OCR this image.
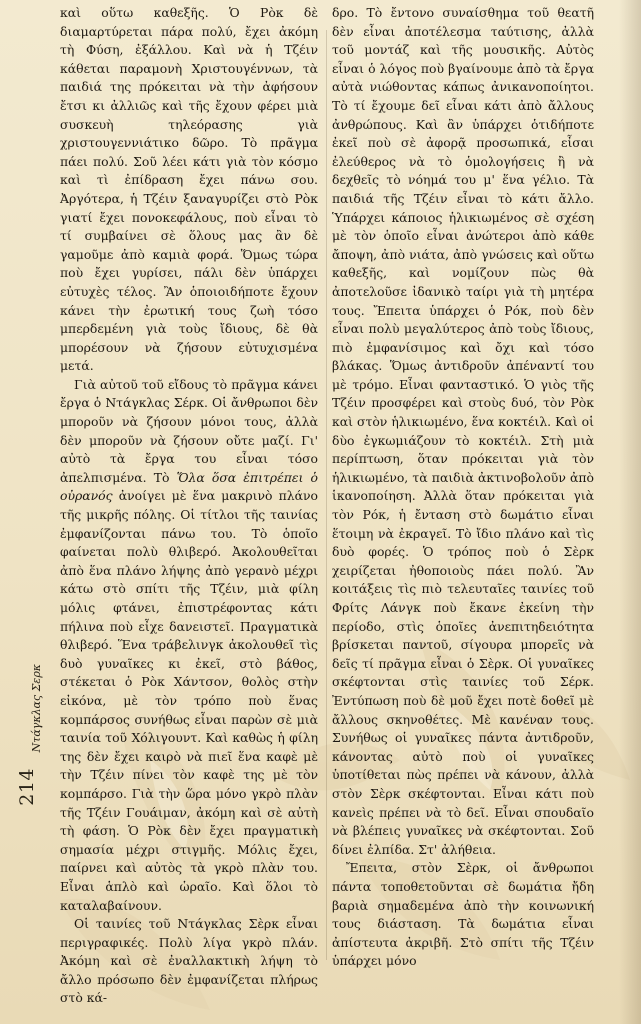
καὶ οὕτω καθεξῆς. Ὁ Ρὸκ δὲ διαμαρτύρεται πάρα πολύ, ἔχει ἀκόμη τὴ Φύση, ἐξάλλου. Καὶ νὰ ἡ Τζέιν κάθεται παραμονὴ Χριστουγέννων, τὰ παιδιά της πρόκειται νὰ τὴν ἀφήσουν ἔτσι κι ἀλλιῶς καὶ τῆς ἔχουν φέρει μιὰ συσκευὴ τηλεόρασης γιὰ χριστουγεννιάτικο δῶρο. Τὸ πρᾶγμα πάει πολύ. Σοῦ λέει κάτι γιὰ τὸν κόσμο καὶ τὶ ἐπίδραση ἔχει πάνω σου. Ἀργότερα, ἡ Τζέιν ξαναγυρίζει στὸ Ρὸκ γιατί ἔχει πονοκεφάλους, ποὺ εἶναι τὸ τί συμβαίνει σὲ ὅλους μας ἂν δὲ γαμοῦμε ἀπὸ καμιὰ φορά. Ὅμως τώρα ποὺ ἔχει γυρίσει, πάλι δὲν ὑπάρχει εὐτυχὲς τέλος. Ἂν ὁποιοιδήποτε ἔχουν κάνει τὴν ἐρωτική τους ζωὴ τόσο μπερδεμένη γιὰ τοὺς ἴδιους, δὲ θὰ μπορέσουν νὰ ζήσουν εὐτυχισμένα μετά.

Γιὰ αὐτοῦ τοῦ εἴδους τὸ πρᾶγμα κάνει ἔργα ὁ Ντάγκλας Σέρκ. Οἱ ἄνθρωποι δὲν μποροῦν νὰ ζήσουν μόνοι τους, ἀλλὰ δὲν μποροῦν νὰ ζήσουν οὔτε μαζί. Γι' αὐτὸ τὰ ἔργα του εἶναι τόσο ἀπελπισμένα. Τὸ Ὅλα ὅσα ἐπιτρέπει ὁ οὐρανός ἀνοίγει μὲ ἕνα μακρινὸ πλάνο τῆς μικρῆς πόλης. Οἱ τίτλοι τῆς ταινίας ἐμφανίζονται πάνω του. Τὸ ὁποῖο φαίνεται πολὺ θλιβερό. Ἀκολουθεῖται ἀπὸ ἕνα πλάνο λήψης ἀπὸ γερανὸ μέχρι κάτω στὸ σπίτι τῆς Τζέιν, μιὰ φίλη μόλις φτάνει, ἐπιστρέφοντας κάτι πήλινα ποὺ εἶχε δανειστεῖ. Πραγματικὰ θλιβερό. Ἕνα τράβελινγκ ἀκολουθεῖ τὶς δυὸ γυναῖκες κι ἐκεῖ, στὸ βάθος, στέκεται ὁ Ρὸκ Χάντσον, θολὸς στὴν εἰκόνα, μὲ τὸν τρόπο ποὺ ἕνας κομπάρσος συνήθως εἶναι παρὼν σὲ μιὰ ταινία τοῦ Χόλιγουντ. Καὶ καθὼς ἡ φίλη της δὲν ἔχει καιρὸ νὰ πιεῖ ἕνα καφὲ μὲ τὴν Τζέιν πίνει τὸν καφὲ της μὲ τὸν κομπάρσο. Γιὰ τὴν ὥρα μόνο γκρὸ πλὰν τῆς Τζέιν Γουάιμαν, ἀκόμη καὶ σὲ αὐτὴ τὴ φάση. Ὁ Ρὸκ δὲν ἔχει πραγματικὴ σημασία μέχρι στιγμῆς. Μόλις ἔχει, παίρνει καὶ αὐτὸς τὰ γκρὸ πλὰν του. Εἶναι ἁπλὸ καὶ ὡραῖο. Καὶ ὅλοι τὸ καταλαβαίνουν.

Οἱ ταινίες τοῦ Ντάγκλας Σὲρκ εἶναι περιγραφικές. Πολὺ λίγα γκρὸ πλάν. Ἀκόμη καὶ σὲ ἐναλλακτικὴ λήψη τὸ ἄλλο πρόσωπο δὲν ἐμφανίζεται πλήρως στὸ κά-

δρο. Τὸ ἔντονο συναίσθημα τοῦ θεατῆ δὲν εἶναι ἀποτέλεσμα ταύτισης, ἀλλὰ τοῦ μοντάζ καὶ τῆς μουσικῆς. Αὐτὸς εἶναι ὁ λόγος ποὺ βγαίνουμε ἀπὸ τὰ ἔργα αὐτὰ νιώθοντας κάπως ἀνικανοποίητοι. Τὸ τί ἔχουμε δεῖ εἶναι κάτι ἀπὸ ἄλλους ἀνθρώπους. Καὶ ἂν ὑπάρχει ὁτιδήποτε ἐκεῖ ποὺ σὲ ἀφορᾷ προσωπικά, εἶσαι ἐλεύθερος νὰ τὸ ὁμολογήσεις ἢ νὰ δεχθεῖς τὸ νόημά του μ' ἕνα γέλιο. Τὰ παιδιά τῆς Τζέιν εἶναι τὸ κάτι ἄλλο. Ὑπάρχει κάποιος ἡλικιωμένος σὲ σχέση μὲ τὸν ὁποῖο εἶναι ἀνώτεροι ἀπὸ κάθε ἄποψη, ἀπὸ νιάτα, ἀπὸ γνώσεις καὶ οὕτω καθεξῆς, καὶ νομίζουν πὼς θὰ ἀποτελοῦσε ἰδανικὸ ταίρι γιὰ τὴ μητέρα τους. Ἔπειτα ὑπάρχει ὁ Ρόκ, ποὺ δὲν εἶναι πολὺ μεγαλύτερος ἀπὸ τοὺς ἴδιους, πιὸ ἐμφανίσιμος καὶ ὄχι καὶ τόσο βλάκας. Ὅμως ἀντιδροῦν ἀπέναντί του μὲ τρόμο. Εἶναι φανταστικό. Ὁ γιὸς τῆς Τζέιν προσφέρει καὶ στοὺς δυό, τὸν Ρὸκ καὶ στὸν ἡλικιωμένο, ἕνα κοκτέιλ. Καὶ οἱ δὺο ἐγκωμιάζουν τὸ κοκτέιλ. Στὴ μιὰ περίπτωση, ὅταν πρόκειται γιὰ τὸν ἡλικιωμένο, τὰ παιδιὰ ἀκτινοβολοῦν ἀπὸ ἱκανοποίηση. Ἀλλὰ ὅταν πρόκειται γιὰ τὸν Ρόκ, ἡ ἔνταση στὸ δωμάτιο εἶναι ἕτοιμη νὰ ἐκραγεῖ. Τὸ ἴδιο πλάνο καὶ τὶς δυὸ φορές. Ὁ τρόπος ποὺ ὁ Σὲρκ χειρίζεται ἠθοποιοὺς πάει πολύ. Ἂν κοιτάξεις τὶς πιὸ τελευταῖες ταινίες τοῦ Φρίτς Λάνγκ ποὺ ἔκανε ἐκείνη τὴν περίοδο, στὶς ὁποῖες ἀνεπιτηδειότητα βρίσκεται παντοῦ, σίγουρα μπορεῖς νὰ δεῖς τί πρᾶγμα εἶναι ὁ Σὲρκ. Οἱ γυναῖκες σκέφτονται στὶς ταινίες τοῦ Σέρκ. Ἐντύπωση ποὺ δὲ μοῦ ἔχει ποτὲ δοθεῖ μὲ ἄλλους σκηνοθέτες. Μὲ κανέναν τους. Συνήθως οἱ γυναῖκες πάντα ἀντιδροῦν, κάνοντας αὐτὸ ποὺ οἱ γυναῖκες ὑποτίθεται πὼς πρέπει νὰ κάνουν, ἀλλὰ στὸν Σὲρκ σκέφτονται. Εἶναι κάτι ποὺ κανεὶς πρέπει νὰ τὸ δεῖ. Εἶναι σπουδαῖο νὰ βλέπεις γυναῖκες νὰ σκέφτονται. Σοῦ δίνει ἐλπίδα. Στ' ἀλήθεια.

Ἔπειτα, στὸν Σὲρκ, οἱ ἄνθρωποι πάντα τοποθετοῦνται σὲ δωμάτια ἤδη βαριὰ σημαδεμένα ἀπὸ τὴν κοινωνική τους διάσταση. Τὰ δωμάτια εἶναι ἀπίστευτα ἀκριβῆ. Στὸ σπίτι τῆς Τζέιν ὑπάρχει μόνο

Ντάγκλας Σερκ
214
